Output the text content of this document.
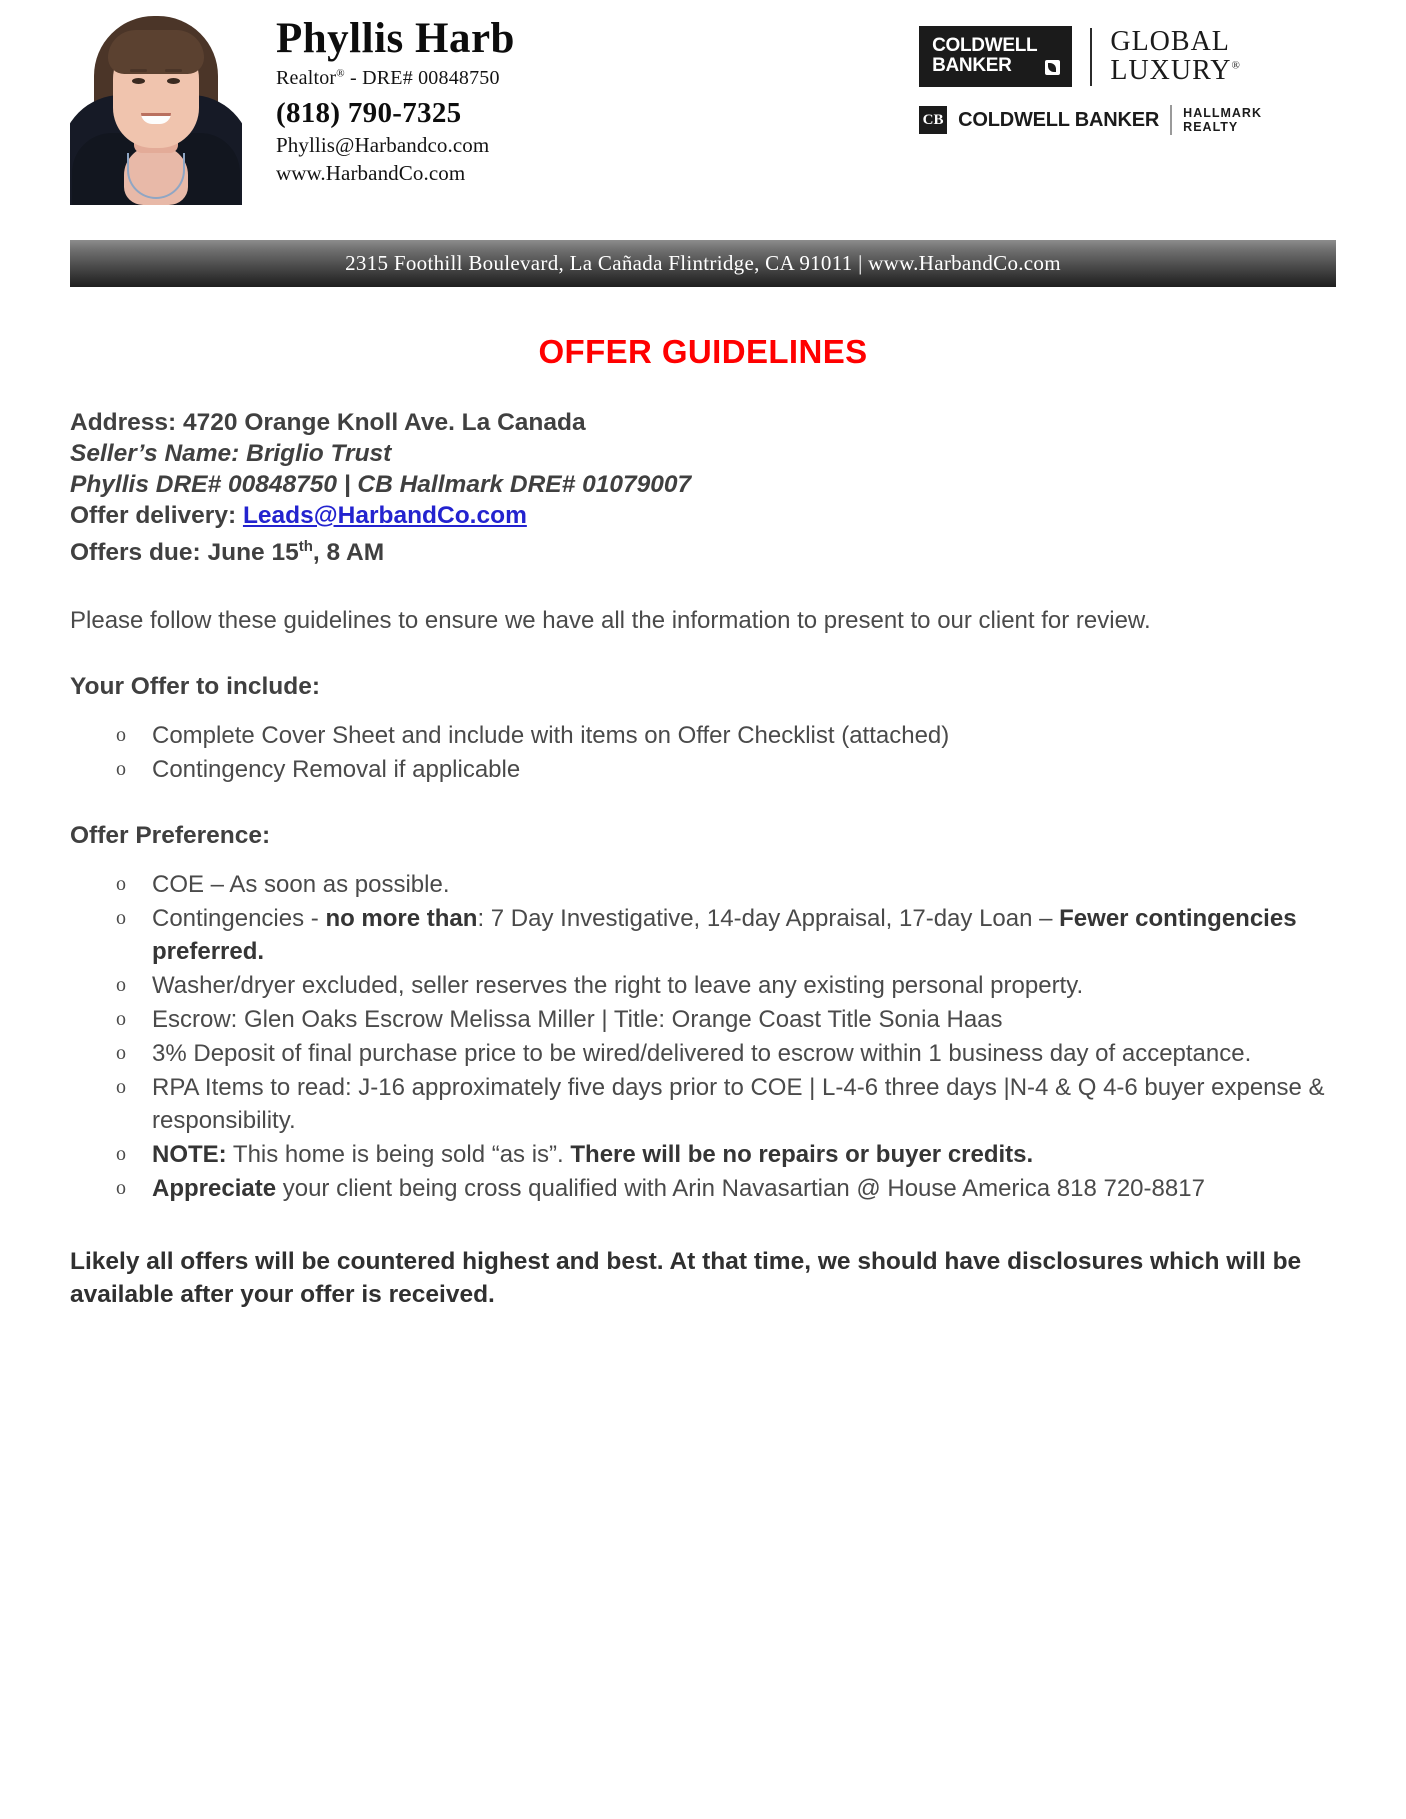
Phyllis Harb
Realtor® - DRE# 00848750
(818) 790-7325
Phyllis@Harbandco.com
www.HarbandCo.com
COLDWELL
BANKER
GLOBAL
LUXURY®
CB COLDWELL BANKER HALLMARK
REALTY
2315 Foothill Boulevard, La Cañada Flintridge, CA 91011 | www.HarbandCo.com
OFFER GUIDELINES
Address: 4720 Orange Knoll Ave. La Canada
Seller’s Name: Briglio Trust
Phyllis DRE# 00848750 | CB Hallmark DRE# 01079007
Offer delivery: Leads@HarbandCo.com
Offers due: June 15th, 8 AM
Please follow these guidelines to ensure we have all the information to present to our client for review.
Your Offer to include:
o Complete Cover Sheet and include with items on Offer Checklist (attached)
o Contingency Removal if applicable
Offer Preference:
o COE – As soon as possible.
o Contingencies - no more than: 7 Day Investigative, 14-day Appraisal, 17-day Loan – Fewer contingencies preferred.
o Washer/dryer excluded, seller reserves the right to leave any existing personal property.
o Escrow: Glen Oaks Escrow Melissa Miller | Title: Orange Coast Title Sonia Haas
o 3% Deposit of final purchase price to be wired/delivered to escrow within 1 business day of acceptance.
o RPA Items to read: J-16 approximately five days prior to COE | L-4-6 three days |N-4 & Q 4-6 buyer expense & responsibility.
o NOTE: This home is being sold “as is”. There will be no repairs or buyer credits.
o Appreciate your client being cross qualified with Arin Navasartian @ House America 818 720-8817
Likely all offers will be countered highest and best. At that time, we should have disclosures which will be available after your offer is received.
